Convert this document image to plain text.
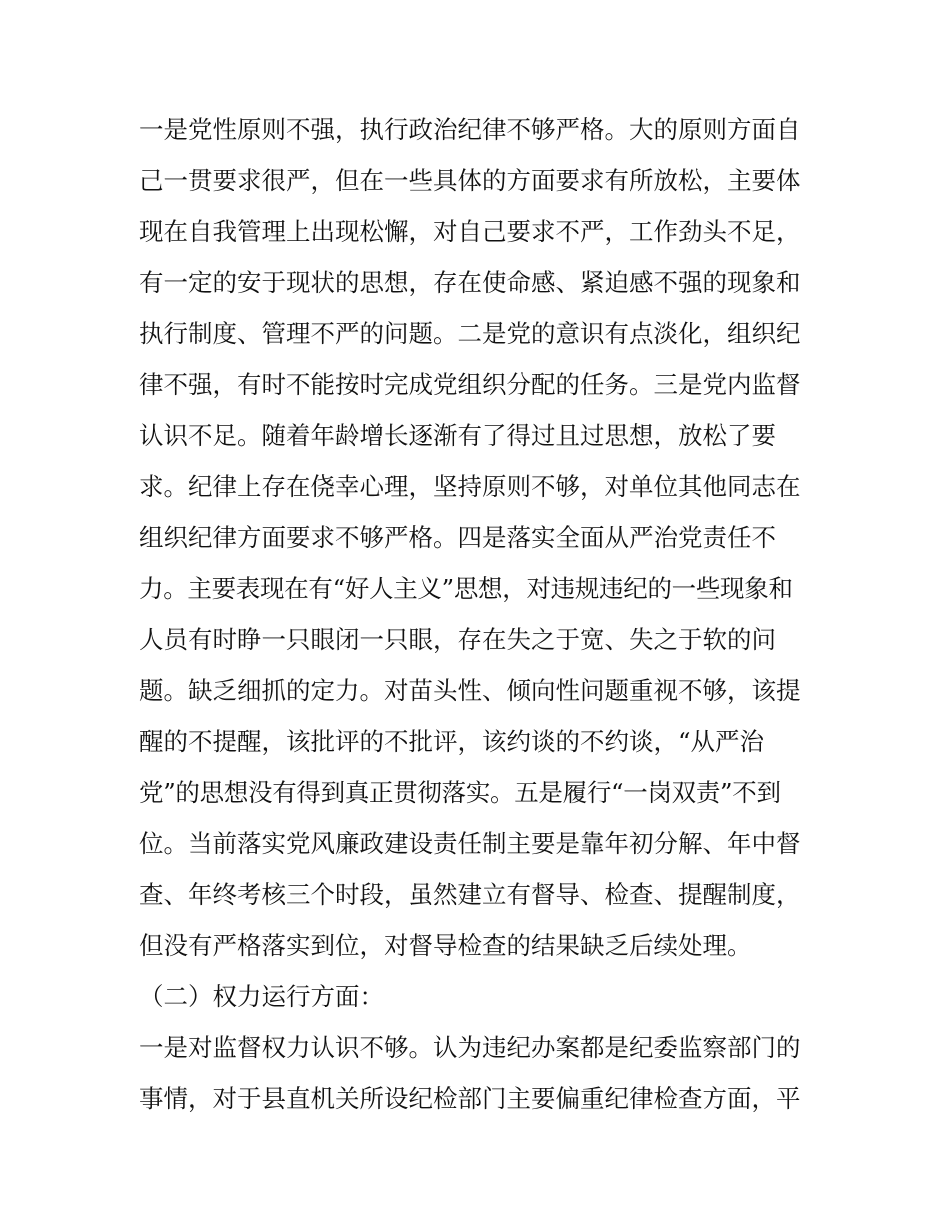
一是党性原则不强，执行政治纪律不够严格。大的原则方面自
己一贯要求很严，但在一些具体的方面要求有所放松，主要体
现在自我管理上出现松懈，对自己要求不严，工作劲头不足，
有一定的安于现状的思想，存在使命感、紧迫感不强的现象和
执行制度、管理不严的问题。二是党的意识有点淡化，组织纪
律不强，有时不能按时完成党组织分配的任务。三是党内监督
认识不足。随着年龄增长逐渐有了得过且过思想，放松了要
求。纪律上存在侥幸心理，坚持原则不够，对单位其他同志在
组织纪律方面要求不够严格。四是落实全面从严治党责任不
力。主要表现在有“好人主义”思想，对违规违纪的一些现象和
人员有时睁一只眼闭一只眼，存在失之于宽、失之于软的问
题。缺乏细抓的定力。对苗头性、倾向性问题重视不够，该提
醒的不提醒，该批评的不批评，该约谈的不约谈，“从严治
党”的思想没有得到真正贯彻落实。五是履行“一岗双责”不到
位。当前落实党风廉政建设责任制主要是靠年初分解、年中督
查、年终考核三个时段，虽然建立有督导、检查、提醒制度，
但没有严格落实到位，对督导检查的结果缺乏后续处理。
（二）权力运行方面：
一是对监督权力认识不够。认为违纪办案都是纪委监察部门的
事情，对于县直机关所设纪检部门主要偏重纪律检查方面，平
